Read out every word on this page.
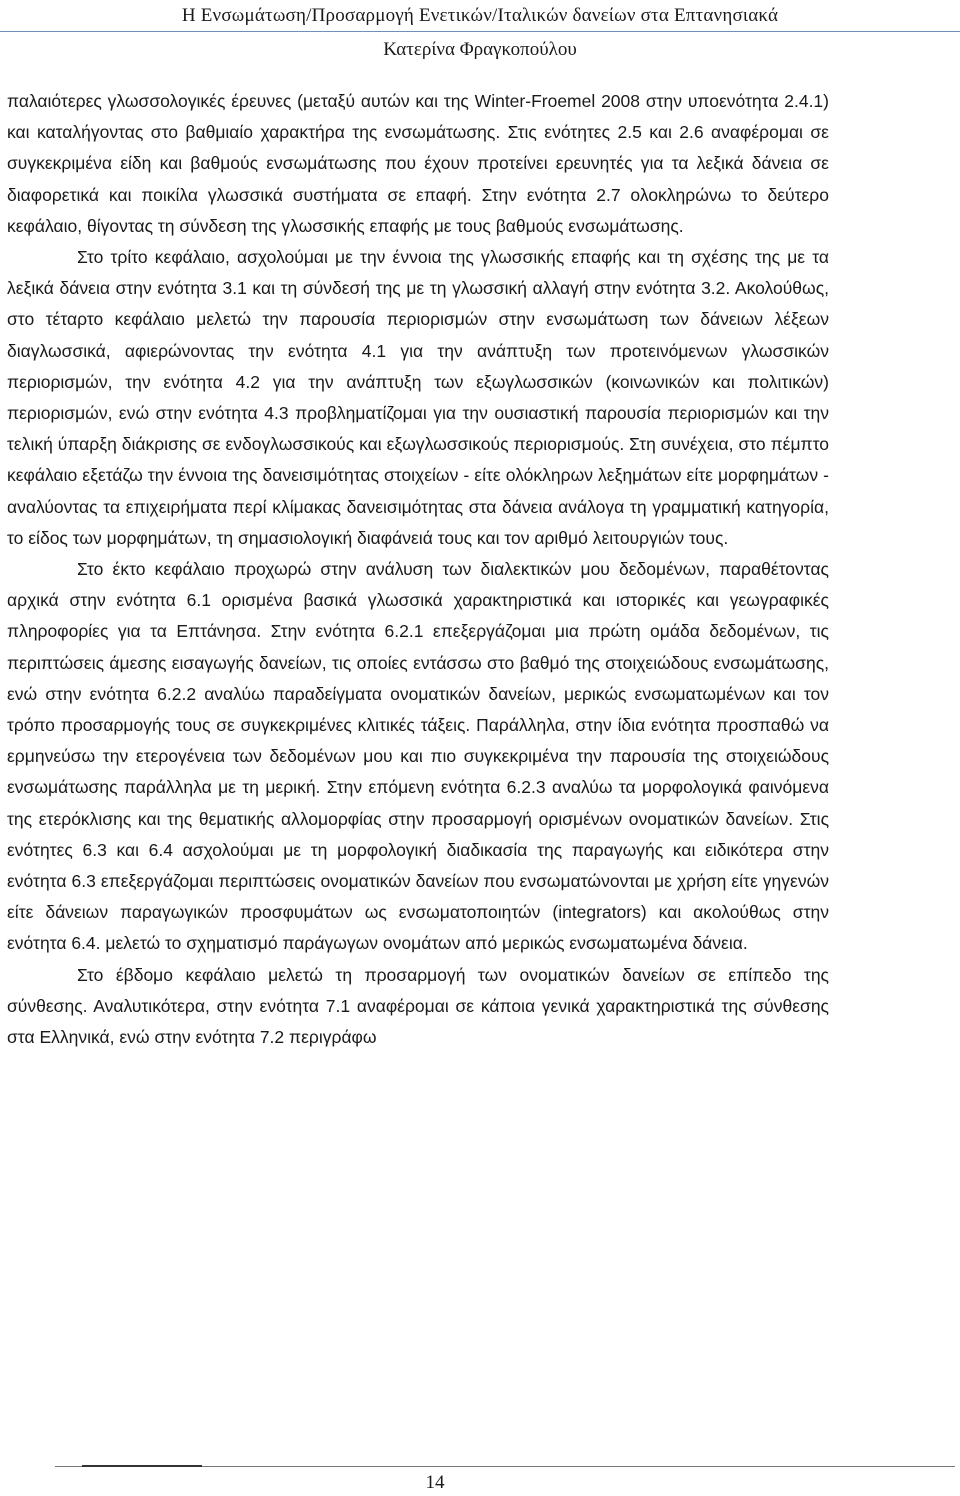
Η Ενσωμάτωση/Προσαρμογή Ενετικών/Ιταλικών δανείων στα Επτανησιακά
Κατερίνα Φραγκοπούλου

παλαιότερες γλωσσολογικές έρευνες (μεταξύ αυτών και της Winter-Froemel 2008 στην υποενότητα 2.4.1) και καταλήγοντας στο βαθμιαίο χαρακτήρα της ενσωμάτωσης. Στις ενότητες 2.5 και 2.6 αναφέρομαι σε συγκεκριμένα είδη και βαθμούς ενσωμάτωσης που έχουν προτείνει ερευνητές για τα λεξικά δάνεια σε διαφορετικά και ποικίλα γλωσσικά συστήματα σε επαφή. Στην ενότητα 2.7 ολοκληρώνω το δεύτερο κεφάλαιο, θίγοντας τη σύνδεση της γλωσσικής επαφής με τους βαθμούς ενσωμάτωσης.

Στο τρίτο κεφάλαιο, ασχολούμαι με την έννοια της γλωσσικής επαφής και τη σχέσης της με τα λεξικά δάνεια στην ενότητα 3.1 και τη σύνδεσή της με τη γλωσσική αλλαγή στην ενότητα 3.2. Ακολούθως, στο τέταρτο κεφάλαιο μελετώ την παρουσία περιορισμών στην ενσωμάτωση των δάνειων λέξεων διαγλωσσικά, αφιερώνοντας την ενότητα 4.1 για την ανάπτυξη των προτεινόμενων γλωσσικών περιορισμών, την ενότητα 4.2 για την ανάπτυξη των εξωγλωσσικών (κοινωνικών και πολιτικών) περιορισμών, ενώ στην ενότητα 4.3 προβληματίζομαι για την ουσιαστική παρουσία περιορισμών και την τελική ύπαρξη διάκρισης σε ενδογλωσσικούς και εξωγλωσσικούς περιορισμούς. Στη συνέχεια, στο πέμπτο κεφάλαιο εξετάζω την έννοια της δανεισιμότητας στοιχείων - είτε ολόκληρων λεξημάτων είτε μορφημάτων - αναλύοντας τα επιχειρήματα περί κλίμακας δανεισιμότητας στα δάνεια ανάλογα τη γραμματική κατηγορία, το είδος των μορφημάτων, τη σημασιολογική διαφάνειά τους και τον αριθμό λειτουργιών τους.

Στο έκτο κεφάλαιο προχωρώ στην ανάλυση των διαλεκτικών μου δεδομένων, παραθέτοντας αρχικά στην ενότητα 6.1 ορισμένα βασικά γλωσσικά χαρακτηριστικά και ιστορικές και γεωγραφικές πληροφορίες για τα Επτάνησα. Στην ενότητα 6.2.1 επεξεργάζομαι μια πρώτη ομάδα δεδομένων, τις περιπτώσεις άμεσης εισαγωγής δανείων, τις οποίες εντάσσω στο βαθμό της στοιχειώδους ενσωμάτωσης, ενώ στην ενότητα 6.2.2 αναλύω παραδείγματα ονοματικών δανείων, μερικώς ενσωματωμένων και τον τρόπο προσαρμογής τους σε συγκεκριμένες κλιτικές τάξεις. Παράλληλα, στην ίδια ενότητα προσπαθώ να ερμηνεύσω την ετερογένεια των δεδομένων μου και πιο συγκεκριμένα την παρουσία της στοιχειώδους ενσωμάτωσης παράλληλα με τη μερική. Στην επόμενη ενότητα 6.2.3 αναλύω τα μορφολογικά φαινόμενα της ετερόκλισης και της θεματικής αλλομορφίας στην προσαρμογή ορισμένων ονοματικών δανείων. Στις ενότητες 6.3 και 6.4 ασχολούμαι με τη μορφολογική διαδικασία της παραγωγής και ειδικότερα στην ενότητα 6.3 επεξεργάζομαι περιπτώσεις ονοματικών δανείων που ενσωματώνονται με χρήση είτε γηγενών είτε δάνειων παραγωγικών προσφυμάτων ως ενσωματοποιητών (integrators) και ακολούθως στην ενότητα 6.4. μελετώ το σχηματισμό παράγωγων ονομάτων από μερικώς ενσωματωμένα δάνεια.

Στο έβδομο κεφάλαιο μελετώ τη προσαρμογή των ονοματικών δανείων σε επίπεδο της σύνθεσης. Αναλυτικότερα, στην ενότητα 7.1 αναφέρομαι σε κάποια γενικά χαρακτηριστικά της σύνθεσης στα Ελληνικά, ενώ στην ενότητα 7.2 περιγράφω

14
